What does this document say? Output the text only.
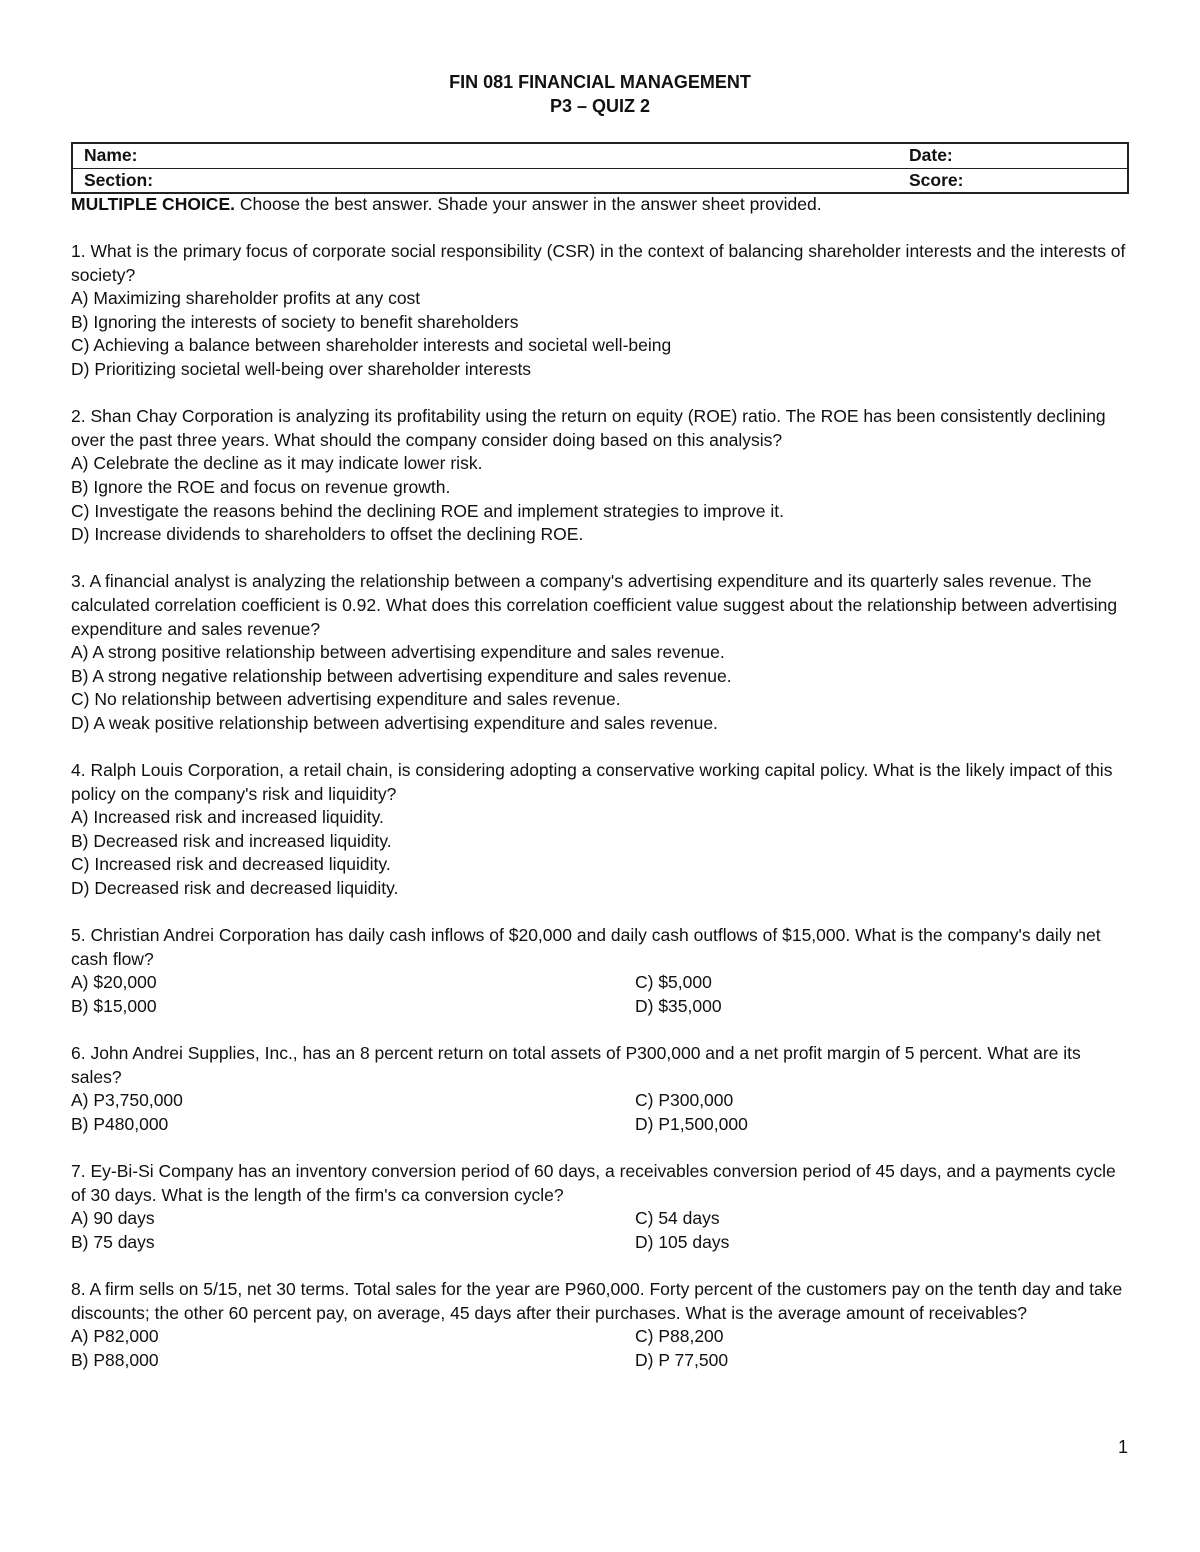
FIN 081 FINANCIAL MANAGEMENT
P3 – QUIZ 2
Name:	Date:
Section:	Score:
MULTIPLE CHOICE. Choose the best answer. Shade your answer in the answer sheet provided.
1. What is the primary focus of corporate social responsibility (CSR) in the context of balancing shareholder interests and the interests of society?
A) Maximizing shareholder profits at any cost
B) Ignoring the interests of society to benefit shareholders
C) Achieving a balance between shareholder interests and societal well-being
D) Prioritizing societal well-being over shareholder interests
2. Shan Chay Corporation is analyzing its profitability using the return on equity (ROE) ratio. The ROE has been consistently declining over the past three years. What should the company consider doing based on this analysis?
A) Celebrate the decline as it may indicate lower risk.
B) Ignore the ROE and focus on revenue growth.
C) Investigate the reasons behind the declining ROE and implement strategies to improve it.
D) Increase dividends to shareholders to offset the declining ROE.
3. A financial analyst is analyzing the relationship between a company's advertising expenditure and its quarterly sales revenue. The calculated correlation coefficient is 0.92. What does this correlation coefficient value suggest about the relationship between advertising expenditure and sales revenue?
A) A strong positive relationship between advertising expenditure and sales revenue.
B) A strong negative relationship between advertising expenditure and sales revenue.
C) No relationship between advertising expenditure and sales revenue.
D) A weak positive relationship between advertising expenditure and sales revenue.
4. Ralph Louis Corporation, a retail chain, is considering adopting a conservative working capital policy. What is the likely impact of this policy on the company's risk and liquidity?
A) Increased risk and increased liquidity.
B) Decreased risk and increased liquidity.
C) Increased risk and decreased liquidity.
D) Decreased risk and decreased liquidity.
5. Christian Andrei Corporation has daily cash inflows of $20,000 and daily cash outflows of $15,000. What is the company's daily net cash flow?
A) $20,000	C) $5,000
B) $15,000	D) $35,000
6. John Andrei Supplies, Inc., has an 8 percent return on total assets of P300,000 and a net profit margin of 5 percent. What are its sales?
A) P3,750,000	C) P300,000
B) P480,000	D) P1,500,000
7. Ey-Bi-Si Company has an inventory conversion period of 60 days, a receivables conversion period of 45 days, and a payments cycle of 30 days. What is the length of the firm's ca conversion cycle?
A) 90 days	C) 54 days
B) 75 days	D) 105 days
8. A firm sells on 5/15, net 30 terms. Total sales for the year are P960,000. Forty percent of the customers pay on the tenth day and take discounts; the other 60 percent pay, on average, 45 days after their purchases. What is the average amount of receivables?
A) P82,000	C) P88,200
B) P88,000	D) P 77,500
1
